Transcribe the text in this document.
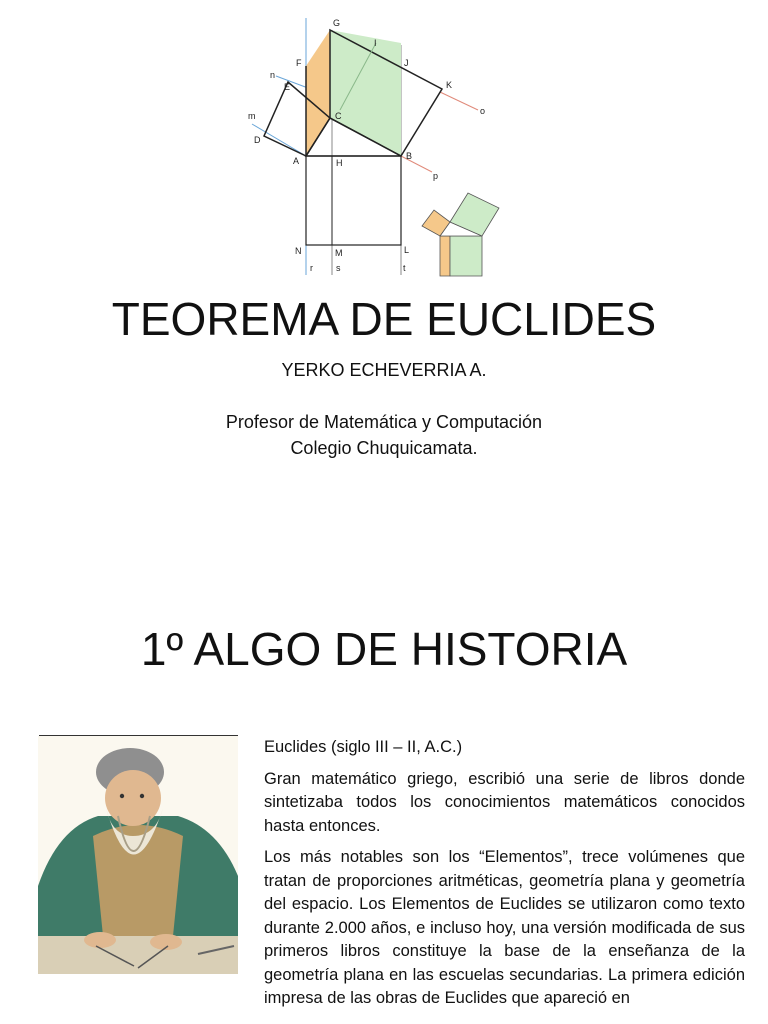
G
I
F	J
n
E	K
o
m	C
D
A	H
B
p
N	M	L
r	s	t
TEOREMA DE EUCLIDES
YERKO ECHEVERRIA A.
Profesor de Matemática y Computación
Colegio Chuquicamata.
1º ALGO DE HISTORIA

Euclides (siglo III – II, A.C.)

Gran matemático griego, escribió una serie de libros donde sintetizaba todos los conocimientos matemáticos conocidos hasta entonces.

Los más notables son los “Elementos”, trece volúmenes que tratan de proporciones aritméticas, geometría plana y geometría del espacio. Los Elementos de Euclides se utilizaron como texto durante 2.000 años, e incluso hoy, una versión modificada de sus primeros libros constituye la base de la enseñanza de la geometría plana en las escuelas secundarias. La primera edición impresa de las obras de Euclides que apareció en
